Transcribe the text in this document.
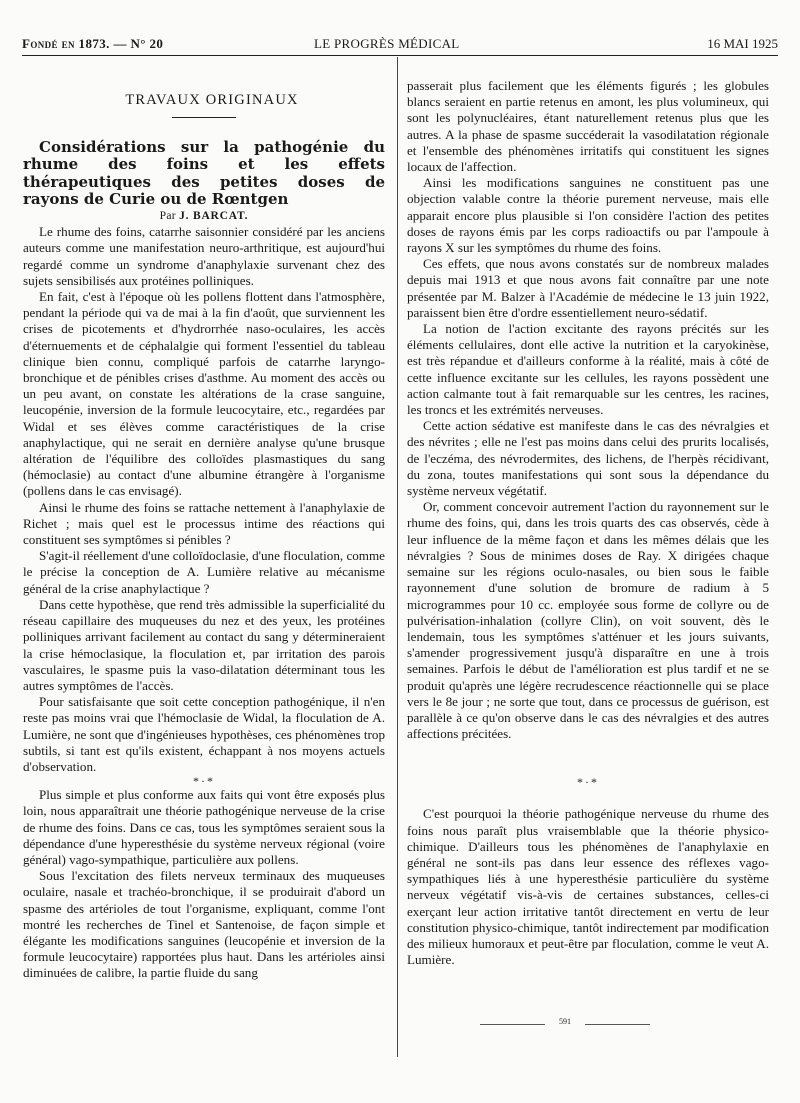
Fondé en 1873. — N° 20	LE PROGRÈS MÉDICAL	16 MAI 1925

TRAVAUX ORIGINAUX

Considérations sur la pathogénie du rhume des foins et les effets thérapeutiques des petites doses de rayons de Curie ou de Rœntgen

Par J. BARCAT.

Le rhume des foins, catarrhe saisonnier considéré par les anciens auteurs comme une manifestation neuro-arthritique, est aujourd'hui regardé comme un syndrome d'anaphylaxie survenant chez des sujets sensibilisés aux protéines polliniques.

En fait, c'est à l'époque où les pollens flottent dans l'atmosphère, pendant la période qui va de mai à la fin d'août, que surviennent les crises de picotements et d'hydrorrhée naso-oculaires, les accès d'éternuements et de céphalalgie qui forment l'essentiel du tableau clinique bien connu, compliqué parfois de catarrhe laryngo-bronchique et de pénibles crises d'asthme. Au moment des accès ou un peu avant, on constate les altérations de la crase sanguine, leucopénie, inversion de la formule leucocytaire, etc., regardées par Widal et ses élèves comme caractéristiques de la crise anaphylactique, qui ne serait en dernière analyse qu'une brusque altération de l'équilibre des colloïdes plasmastiques du sang (hémoclasie) au contact d'une albumine étrangère à l'organisme (pollens dans le cas envisagé).

Ainsi le rhume des foins se rattache nettement à l'anaphylaxie de Richet ; mais quel est le processus intime des réactions qui constituent ses symptômes si pénibles ?

S'agit-il réellement d'une colloïdoclasie, d'une floculation, comme le précise la conception de A. Lumière relative au mécanisme général de la crise anaphylactique ?

Dans cette hypothèse, que rend très admissible la superficialité du réseau capillaire des muqueuses du nez et des yeux, les protéines polliniques arrivant facilement au contact du sang y détermineraient la crise hémoclasique, la floculation et, par irritation des parois vasculaires, le spasme puis la vaso-dilatation déterminant tous les autres symptômes de l'accès.

Pour satisfaisante que soit cette conception pathogénique, il n'en reste pas moins vrai que l'hémoclasie de Widal, la floculation de A. Lumière, ne sont que d'ingénieuses hypothèses, ces phénomènes trop subtils, si tant est qu'ils existent, échappant à nos moyens actuels d'observation.

*·*

Plus simple et plus conforme aux faits qui vont être exposés plus loin, nous apparaîtrait une théorie pathogénique nerveuse de la crise de rhume des foins. Dans ce cas, tous les symptômes seraient sous la dépendance d'une hyperesthésie du système nerveux régional (voire général) vago-sympathique, particulière aux pollens.

Sous l'excitation des filets nerveux terminaux des muqueuses oculaire, nasale et trachéo-bronchique, il se produirait d'abord un spasme des artérioles de tout l'organisme, expliquant, comme l'ont montré les recherches de Tinel et Santenoise, de façon simple et élégante les modifications sanguines (leucopénie et inversion de la formule leucocytaire) rapportées plus haut. Dans les artérioles ainsi diminuées de calibre, la partie fluide du sang

passerait plus facilement que les éléments figurés ; les globules blancs seraient en partie retenus en amont, les plus volumineux, qui sont les polynucléaires, étant naturellement retenus plus que les autres. A la phase de spasme succéderait la vasodilatation régionale et l'ensemble des phénomènes irritatifs qui constituent les signes locaux de l'affection.

Ainsi les modifications sanguines ne constituent pas une objection valable contre la théorie purement nerveuse, mais elle apparait encore plus plausible si l'on considère l'action des petites doses de rayons émis par les corps radioactifs ou par l'ampoule à rayons X sur les symptômes du rhume des foins.

Ces effets, que nous avons constatés sur de nombreux malades depuis mai 1913 et que nous avons fait connaître par une note présentée par M. Balzer à l'Académie de médecine le 13 juin 1922, paraissent bien être d'ordre essentiellement neuro-sédatif.

La notion de l'action excitante des rayons précités sur les éléments cellulaires, dont elle active la nutrition et la caryokinèse, est très répandue et d'ailleurs conforme à la réalité, mais à côté de cette influence excitante sur les cellules, les rayons possèdent une action calmante tout à fait remarquable sur les centres, les racines, les troncs et les extrémités nerveuses.

Cette action sédative est manifeste dans le cas des névralgies et des névrites ; elle ne l'est pas moins dans celui des prurits localisés, de l'eczéma, des névrodermites, des lichens, de l'herpès récidivant, du zona, toutes manifestations qui sont sous la dépendance du système nerveux végétatif.

Or, comment concevoir autrement l'action du rayonnement sur le rhume des foins, qui, dans les trois quarts des cas observés, cède à leur influence de la même façon et dans les mêmes délais que les névralgies ? Sous de minimes doses de Ray. X dirigées chaque semaine sur les régions oculo-nasales, ou bien sous le faible rayonnement d'une solution de bromure de radium à 5 microgrammes pour 10 cc. employée sous forme de collyre ou de pulvérisation-inhalation (collyre Clin), on voit souvent, dès le lendemain, tous les symptômes s'atténuer et les jours suivants, s'amender progressivement jusqu'à disparaître en une à trois semaines. Parfois le début de l'amélioration est plus tardif et ne se produit qu'après une légère recrudescence réactionnelle qui se place vers le 8e jour ; ne sorte que tout, dans ce processus de guérison, est parallèle à ce qu'on observe dans le cas des névralgies et des autres affections précitées.

*·*

C'est pourquoi la théorie pathogénique nerveuse du rhume des foins nous paraît plus vraisemblable que la théorie physico-chimique. D'ailleurs tous les phénomènes de l'anaphylaxie en général ne sont-ils pas dans leur essence des réflexes vago-sympathiques liés à une hyperesthésie particulière du système nerveux végétatif vis-à-vis de certaines substances, celles-ci exerçant leur action irritative tantôt directement en vertu de leur constitution physico-chimique, tantôt indirectement par modification des milieux humoraux et peut-être par floculation, comme le veut A. Lumière.

591
